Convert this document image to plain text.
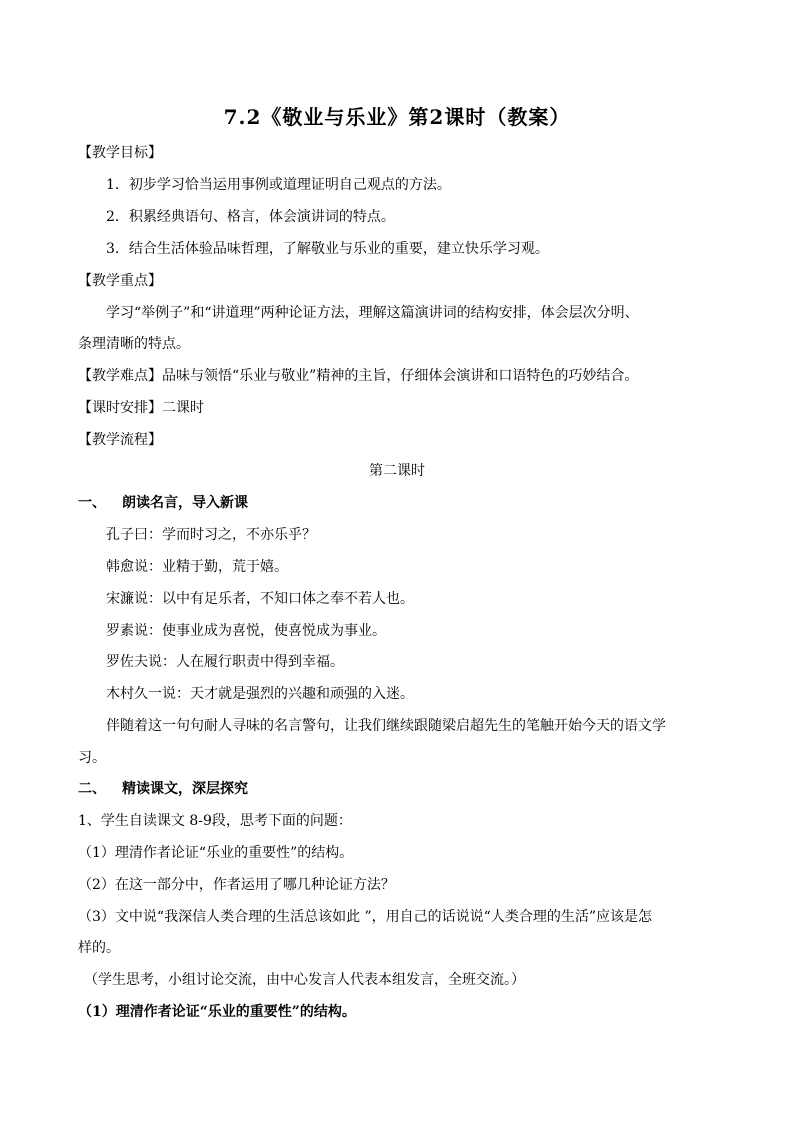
7.2《敬业与乐业》第2课时（教案）
【教学目标】
1．初步学习恰当运用事例或道理证明自己观点的方法。
2．积累经典语句、格言，体会演讲词的特点。
3．结合生活体验品味哲理，了解敬业与乐业的重要，建立快乐学习观。
【教学重点】
学习“举例子”和“讲道理”两种论证方法，理解这篇演讲词的结构安排，体会层次分明、
条理清晰的特点。
【教学难点】品味与领悟“乐业与敬业”精神的主旨，仔细体会演讲和口语特色的巧妙结合。
【课时安排】二课时
【教学流程】
第二课时
一、 朗读名言，导入新课
孔子曰：学而时习之，不亦乐乎？
韩愈说：业精于勤，荒于嬉。
宋濂说：以中有足乐者，不知口体之奉不若人也。
罗素说：使事业成为喜悦，使喜悦成为事业。
罗佐夫说：人在履行职责中得到幸福。
木村久一说：天才就是强烈的兴趣和顽强的入迷。
伴随着这一句句耐人寻味的名言警句，让我们继续跟随梁启超先生的笔触开始今天的语文学
习。
二、 精读课文，深层探究
1、学生自读课文 8-9段，思考下面的问题：
（1）理清作者论证“乐业的重要性”的结构。
（2）在这一部分中，作者运用了哪几种论证方法？
（3）文中说“我深信人类合理的生活总该如此 ”，用自己的话说说“人类合理的生活”应该是怎
样的。
（学生思考，小组讨论交流，由中心发言人代表本组发言，全班交流。）
（1）理清作者论证“乐业的重要性”的结构。
